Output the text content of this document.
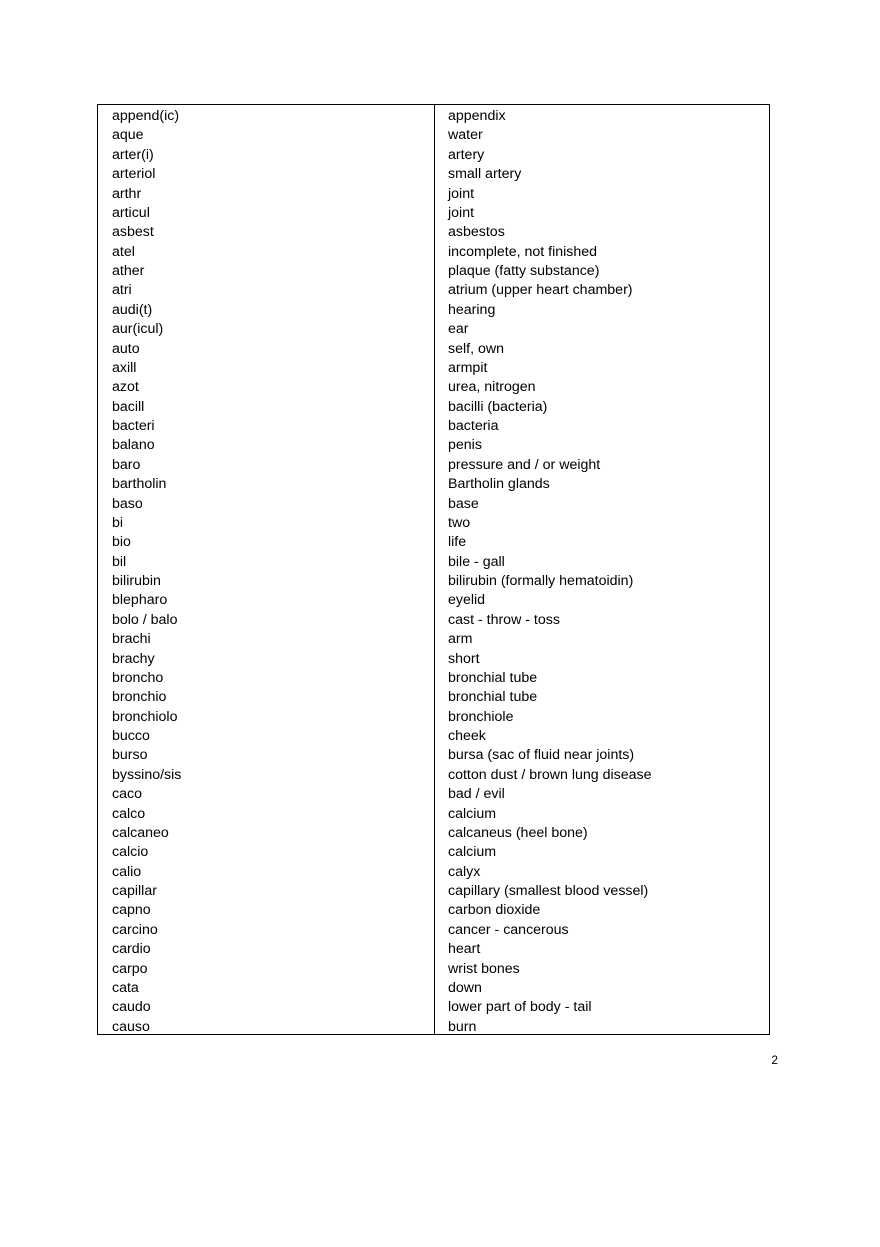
append(ic)
aque
arter(i)
arteriol
arthr
articul
asbest
atel
ather
atri
audi(t)
aur(icul)
auto
axill
azot
bacill
bacteri
balano
baro
bartholin
baso
bi
bio
bil
bilirubin
blepharo
bolo / balo
brachi
brachy
broncho
bronchio
bronchiolo
bucco
burso
byssino/sis
caco
calco
calcaneo
calcio
calio
capillar
capno
carcino
cardio
carpo
cata
caudo
causo
appendix
water
artery
small artery
joint
joint
asbestos
incomplete, not finished
plaque (fatty substance)
atrium (upper heart chamber)
hearing
ear
self, own
armpit
urea, nitrogen
bacilli (bacteria)
bacteria
penis
pressure and / or weight
Bartholin glands
base
two
life
bile - gall
bilirubin (formally hematoidin)
eyelid
cast - throw - toss
arm
short
bronchial tube
bronchial tube
bronchiole
cheek
bursa (sac of fluid near joints)
cotton dust / brown lung disease
bad / evil
calcium
calcaneus (heel bone)
calcium
calyx
capillary (smallest blood vessel)
carbon dioxide
cancer - cancerous
heart
wrist bones
down
lower part of body - tail
burn
2
